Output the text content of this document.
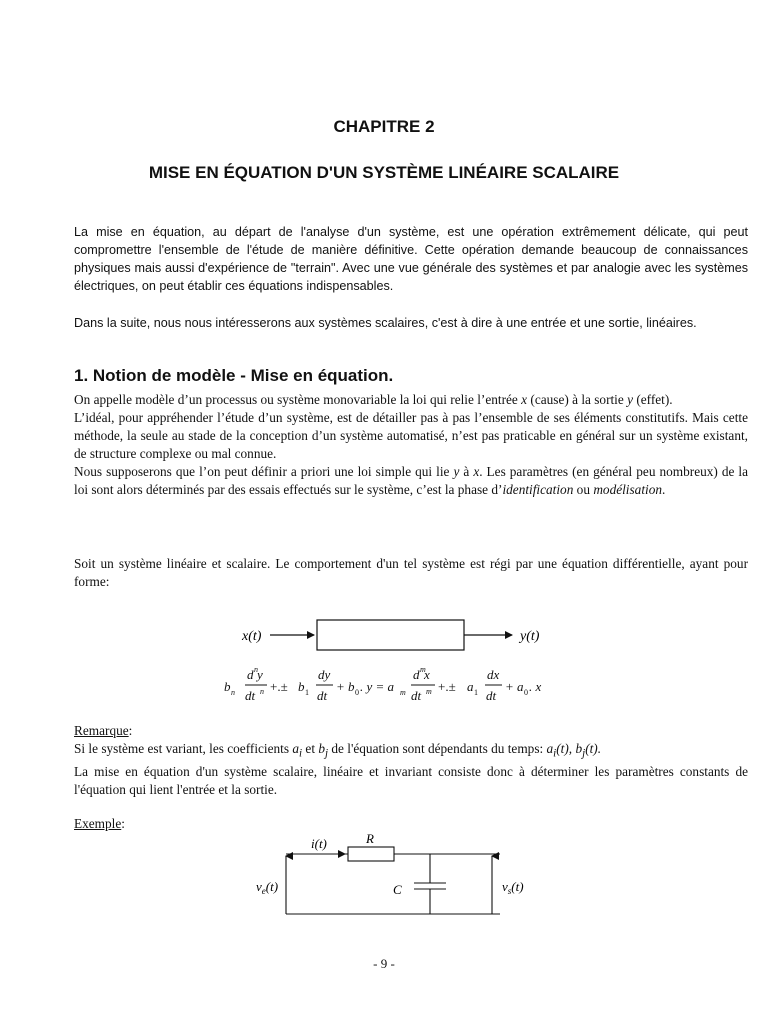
CHAPITRE 2
MISE EN ÉQUATION D'UN SYSTÈME LINÉAIRE SCALAIRE

La mise en équation, au départ de l'analyse d'un système, est une opération extrêmement délicate, qui peut compromettre l'ensemble de l'étude de manière définitive. Cette opération demande beaucoup de connaissances physiques mais aussi d'expérience de "terrain". Avec une vue générale des systèmes et par analogie avec les systèmes électriques, on peut établir ces équations indispensables.

Dans la suite, nous nous intéresserons aux systèmes scalaires, c'est à dire à une entrée et une sortie, linéaires.

1. Notion de modèle - Mise en équation.

On appelle modèle d’un processus ou système monovariable la loi qui relie l’entrée x (cause) à la sortie y (effet).

L’idéal, pour appréhender l’étude d’un système, est de détailler pas à pas l’ensemble de ses éléments constitutifs. Mais cette méthode, la seule au stade de la conception d’un système automatisé, n’est pas praticable en général sur un système existant, de structure complexe ou mal connue.

Nous supposerons que l’on peut définir a priori une loi simple qui lie y à x. Les paramètres (en général peu nombreux) de la loi sont alors déterminés par des essais effectués sur le système, c’est la phase d’identification ou modélisation.

Soit un système linéaire et scalaire. Le comportement d'un tel système est régi par une équation différentielle, ayant pour forme:

x(t)	y(t)
b n
d n y
dt n +.± b 1
dy
dt
+ b 0 . y = a m
d m
x
dt m +.± a 1
dx
dt
+ a 0 . x

Remarque:

Si le système est variant, les coefficients $a_i$ et $b_j$ de l'équation sont dépendants du temps: $a_i(t)$, $b_j(t)$.

La mise en équation d'un système scalaire, linéaire et invariant consiste donc à déterminer les paramètres constants de l'équation qui lient l'entrée et la sortie.

Exemple:

i(t)	R
C
$v_e(t)$	$v_s(t)$
- 9 -
